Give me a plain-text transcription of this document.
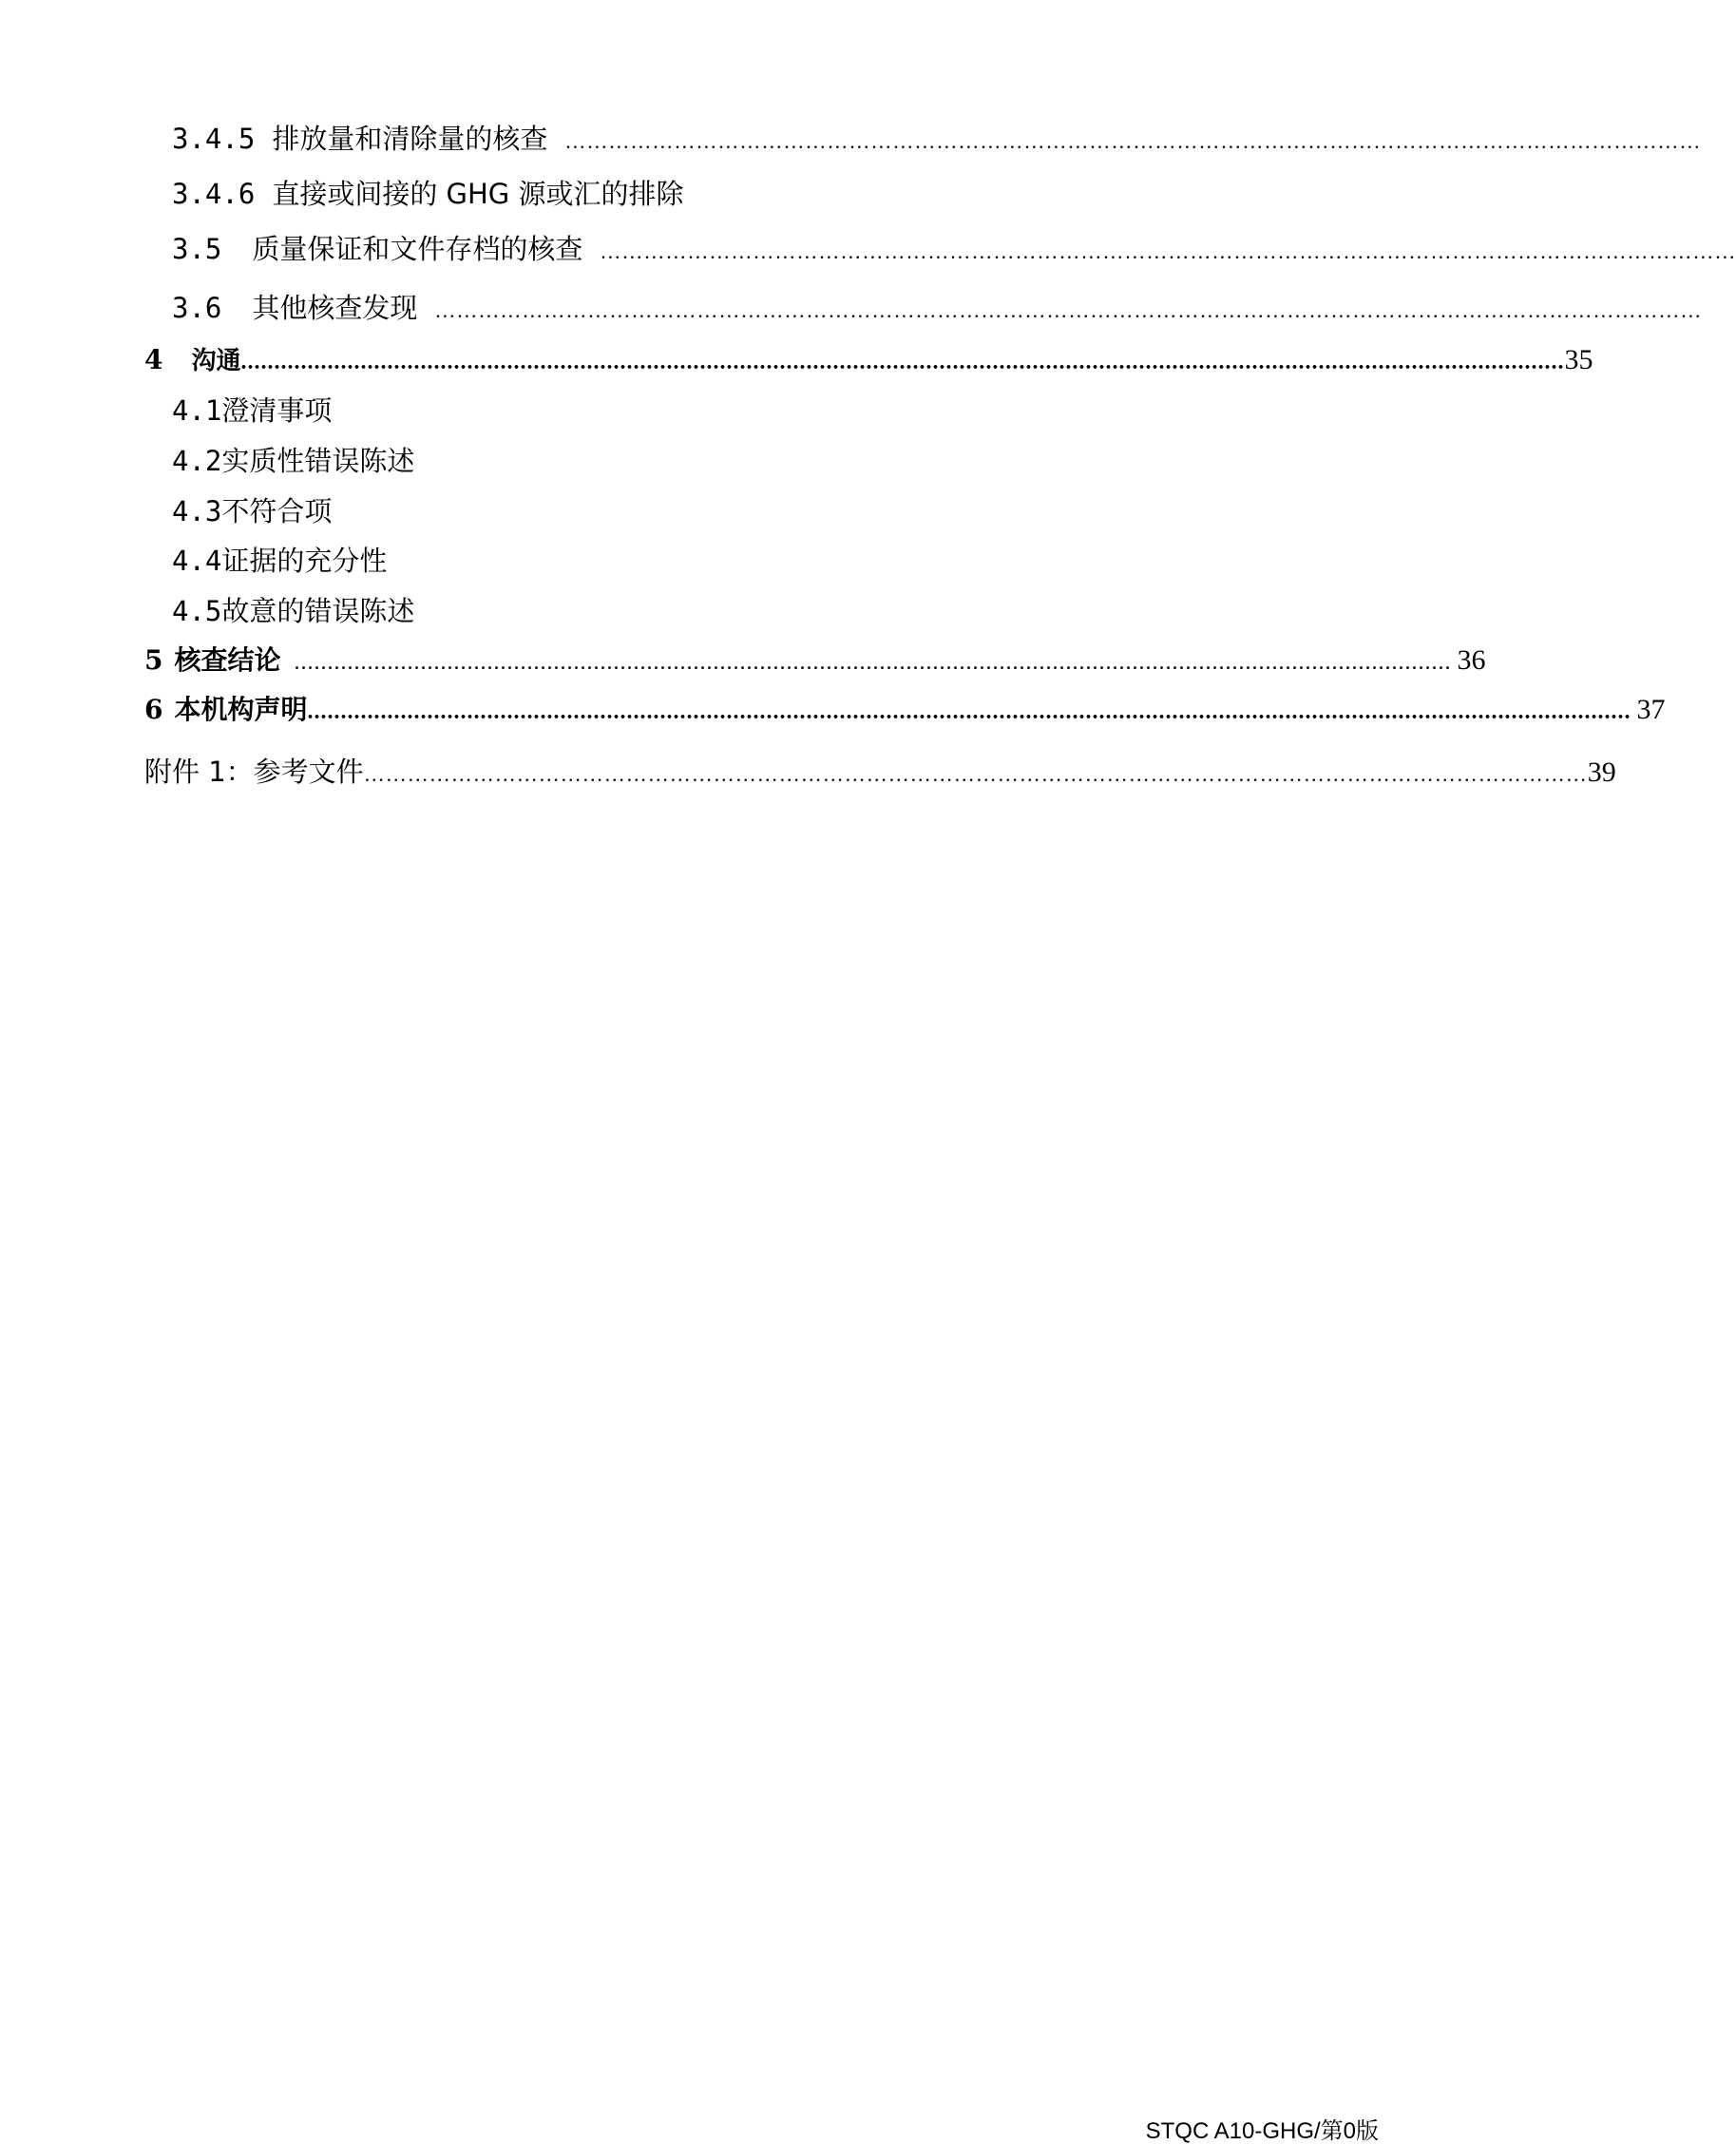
3.4.5 排放量和清除量的核查 …………………………………………………………………………………………………………………………………………
3.4.6 直接或间接的 GHG 源或汇的排除
3.5 质量保证和文件存档的核查 …………………………………………………………………………………………………………………………………………
3.6 其他核查发现 …………………………………………………………………………………………………………………………………………………………
4 沟通 ....................................................................................................................................................................................................... 35
4.1 澄清事项
4.2 实质性错误陈述
4.3 不符合项
4.4 证据的充分性
4.5 故意的错误陈述
5 核查结论 .............................................................................................................................................................................. 36
6 本机构声明 ....................................................................................................................................................................................................... 37
附件 1： 参考文件 …………………………………………………………………………………………………………………………………………………… 39
STQC A10-GHG/第0版
